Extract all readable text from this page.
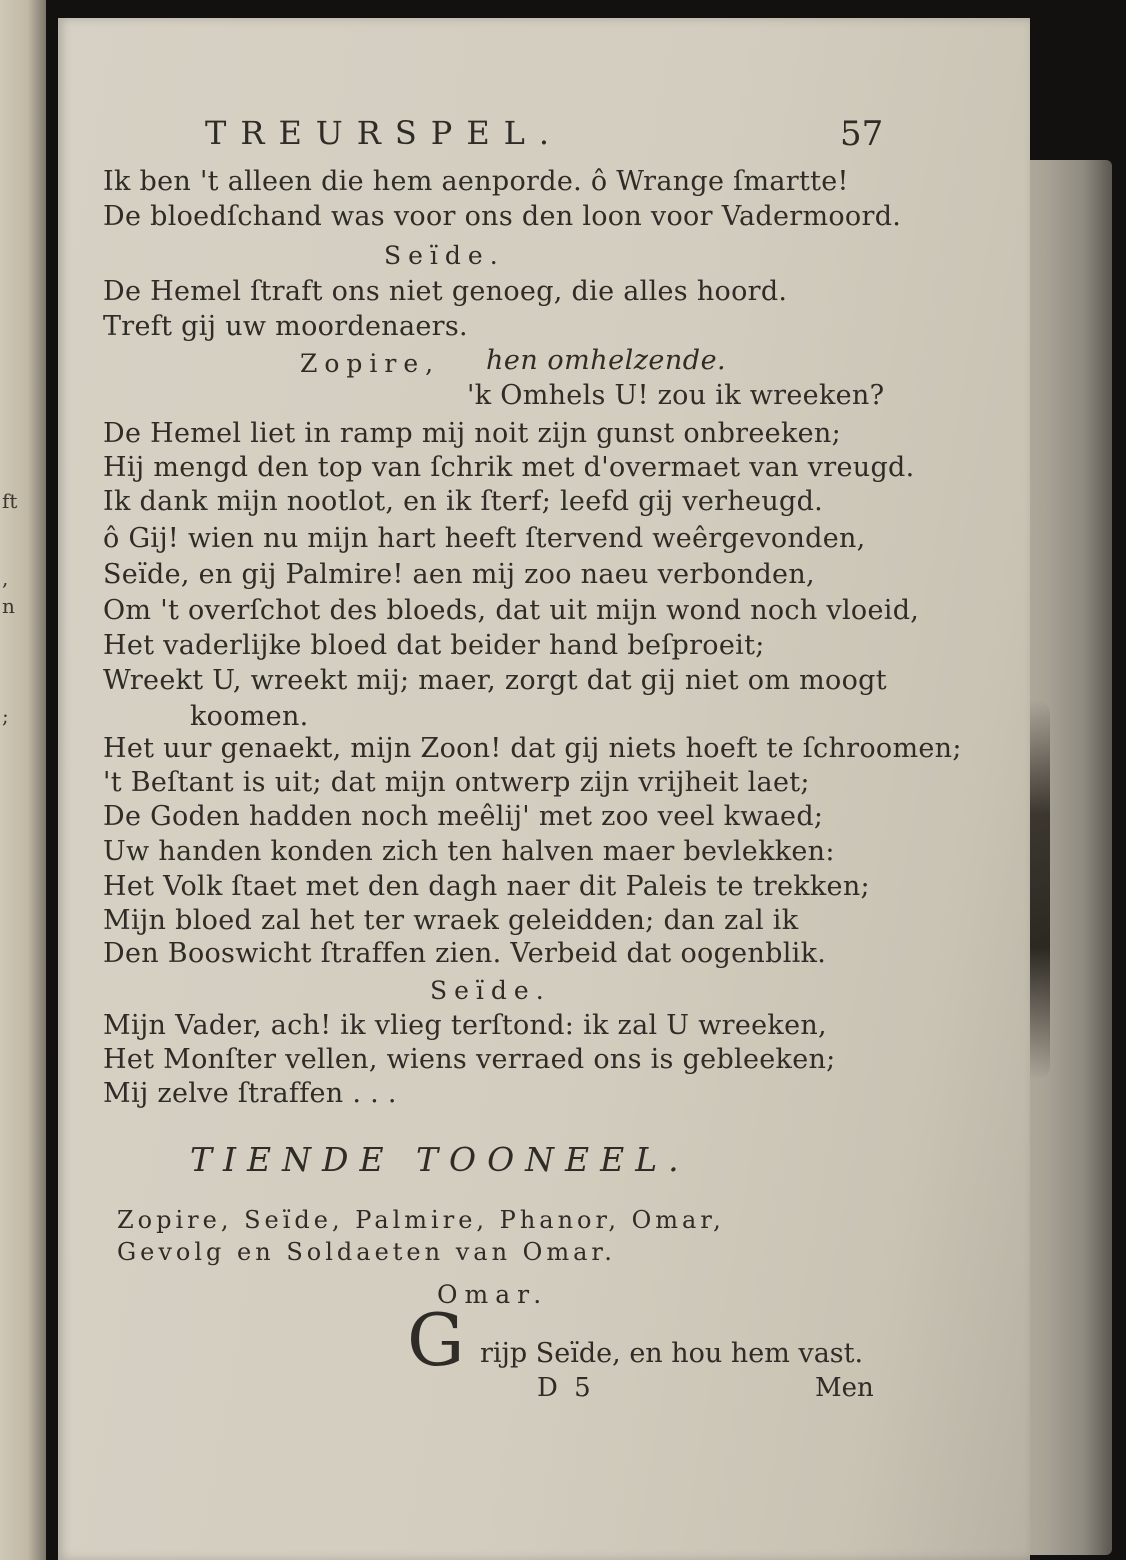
ft
,
n
;
TREURSPEL.	57
Ik ben 't alleen die hem aenporde. ô Wrange ſmartte!
De bloedſchand was voor ons den loon voor Vadermoord.
Seïde.
De Hemel ſtraft ons niet genoeg, die alles hoord.
Treft gij uw moordenaers.
Zopire, hen omhelzende.
'k Omhels U! zou ik wreeken?
De Hemel liet in ramp mij noit zijn gunst onbreeken;
Hij mengd den top van ſchrik met d'overmaet van vreugd.
Ik dank mijn nootlot, en ik ſterf; leefd gij verheugd.
ô Gij! wien nu mijn hart heeft ſtervend weêrgevonden,
Seïde, en gij Palmire! aen mij zoo naeu verbonden,
Om 't overſchot des bloeds, dat uit mijn wond noch vloeid,
Het vaderlijke bloed dat beider hand beſproeit;
Wreekt U, wreekt mij; maer, zorgt dat gij niet om moogt
koomen.
Het uur genaekt, mijn Zoon! dat gij niets hoeft te ſchroomen;
't Beſtant is uit; dat mijn ontwerp zijn vrijheit laet;
De Goden hadden noch meêlij' met zoo veel kwaed;
Uw handen konden zich ten halven maer bevlekken:
Het Volk ſtaet met den dagh naer dit Paleis te trekken;
Mijn bloed zal het ter wraek geleidden; dan zal ik
Den Booswicht ſtraffen zien. Verbeid dat oogenblik.
Seïde.
Mijn Vader, ach! ik vlieg terſtond: ik zal U wreeken,
Het Monſter vellen, wiens verraed ons is gebleeken;
Mij zelve ſtraffen . . .
TIENDE TOONEEL.
Zopire, Seïde, Palmire, Phanor, Omar,
Gevolg en Soldaeten van Omar.
Omar.
G rijp Seïde, en hou hem vast.
D 5	Men
